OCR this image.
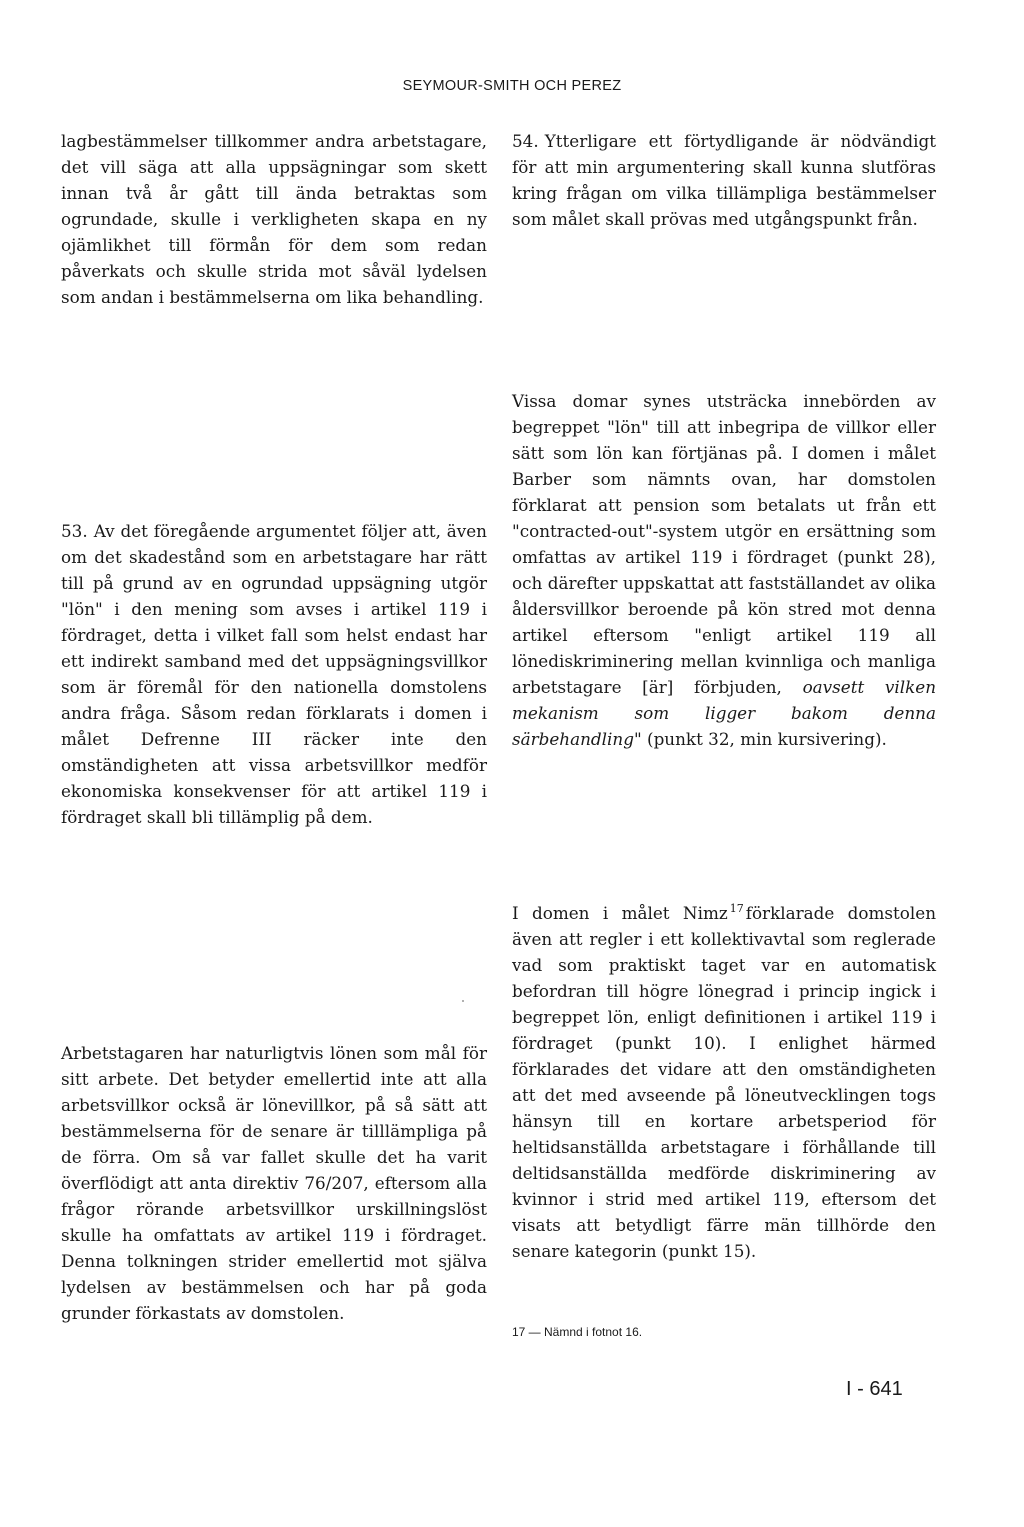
SEYMOUR-SMITH OCH PEREZ

lagbestämmelser tillkommer andra arbetstagare, det vill säga att alla uppsägningar som skett innan två år gått till ända betraktas som ogrundade, skulle i verkligheten skapa en ny ojämlikhet till förmån för dem som redan påverkats och skulle strida mot såväl lydelsen som andan i bestämmelserna om lika behandling.

53. Av det föregående argumentet följer att, även om det skadestånd som en arbetstagare har rätt till på grund av en ogrundad uppsägning utgör "lön" i den mening som avses i artikel 119 i fördraget, detta i vilket fall som helst endast har ett indirekt samband med det uppsägningsvillkor som är föremål för den nationella domstolens andra fråga. Såsom redan förklarats i domen i målet Defrenne III räcker inte den omständigheten att vissa arbetsvillkor medför ekonomiska konsekvenser för att artikel 119 i fördraget skall bli tillämplig på dem.

Arbetstagaren har naturligtvis lönen som mål för sitt arbete. Det betyder emellertid inte att alla arbetsvillkor också är lönevillkor, på så sätt att bestämmelserna för de senare är tilllämpliga på de förra. Om så var fallet skulle det ha varit överflödigt att anta direktiv 76/207, eftersom alla frågor rörande arbetsvillkor urskillningslöst skulle ha omfattats av artikel 119 i fördraget. Denna tolkningen strider emellertid mot själva lydelsen av bestämmelsen och har på goda grunder förkastats av domstolen.

54. Ytterligare ett förtydligande är nödvändigt för att min argumentering skall kunna slutföras kring frågan om vilka tillämpliga bestämmelser som målet skall prövas med utgångspunkt från.

Vissa domar synes utsträcka innebörden av begreppet "lön" till att inbegripa de villkor eller sätt som lön kan förtjänas på. I domen i målet Barber som nämnts ovan, har domstolen förklarat att pension som betalats ut från ett "contracted-out"-system utgör en ersättning som omfattas av artikel 119 i fördraget (punkt 28), och därefter uppskattat att fastställandet av olika åldersvillkor beroende på kön stred mot denna artikel eftersom "enligt artikel 119 all lönediskriminering mellan kvinnliga och manliga arbetstagare [är] förbjuden, oavsett vilken mekanism som ligger bakom denna särbehandling" (punkt 32, min kursivering).

I domen i målet Nimz $^{17}$ förklarade domstolen även att regler i ett kollektivavtal som reglerade vad som praktiskt taget var en automatisk befordran till högre lönegrad i princip ingick i begreppet lön, enligt definitionen i artikel 119 i fördraget (punkt 10). I enlighet härmed förklarades det vidare att den omständigheten att det med avseende på löneutvecklingen togs hänsyn till en kortare arbetsperiod för heltidsanställda arbetstagare i förhållande till deltidsanställda medförde diskriminering av kvinnor i strid med artikel 119, eftersom det visats att betydligt färre män tillhörde den senare kategorin (punkt 15).

17 — Nämnd i fotnot 16.
I - 641
